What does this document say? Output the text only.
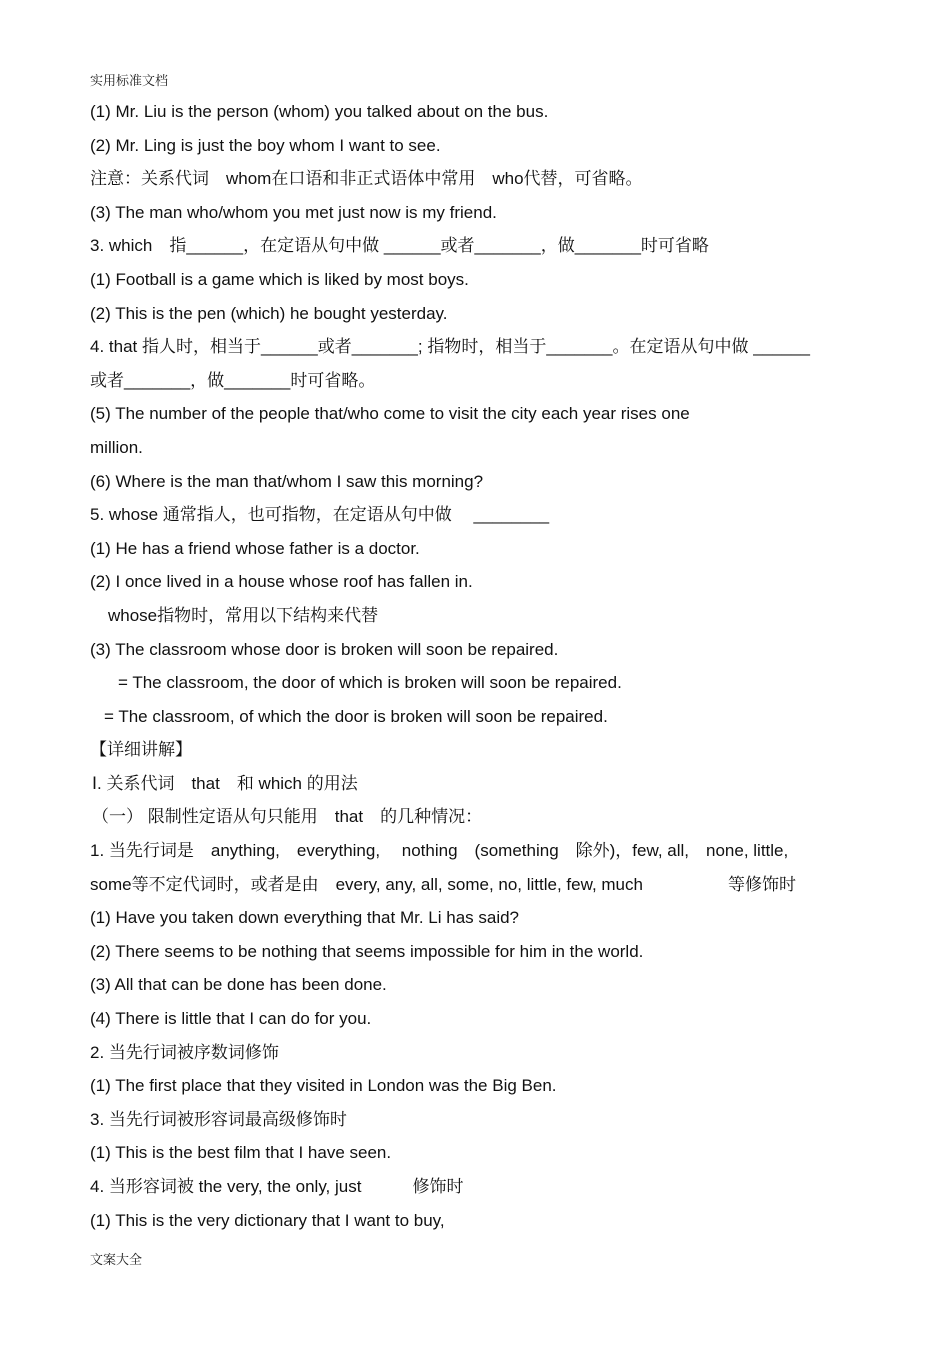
实用标准文档
(1) Mr. Liu is the person (whom) you talked about on the bus.
(2) Mr. Ling is just the boy whom I want to see.
注意：关系代词　whom在口语和非正式语体中常用　who代替，可省略。
(3) The man who/whom you met just now is my friend.
3. which　指______，在定语从句中做 ______或者_______，做_______时可省略
(1) Football is a game which is liked by most boys.
(2) This is the pen (which) he bought yesterday.
4. that 指人时，相当于______或者_______; 指物时，相当于_______。在定语从句中做 ______
或者_______，做_______时可省略。
(5) The number of the people that/who come to visit the city each year rises one
million.
(6) Where is the man that/whom I saw this morning?
5. whose 通常指人，也可指物，在定语从句中做　 ________
(1) He has a friend whose father is a doctor.
(2) I once lived in a house whose roof has fallen in.
whose指物时，常用以下结构来代替
(3) The classroom whose door is broken will soon be repaired.
= The classroom, the door of which is broken will soon be repaired.
= The classroom, of which the door is broken will soon be repaired.
【详细讲解】
Ⅰ. 关系代词　that　和 which 的用法
（一） 限制性定语从句只能用　that　的几种情况：
1. 当先行词是　anything,　everything,　 nothing　(something　除外)，few, all,　none, little,
some等不定代词时，或者是由　every, any, all, some, no, little, few, much　　　　　等修饰时
(1) Have you taken down everything that Mr. Li has said?
(2) There seems to be nothing that seems impossible for him in the world.
(3) All that can be done has been done.
(4) There is little that I can do for you.
2. 当先行词被序数词修饰
(1) The first place that they visited in London was the Big Ben.
3. 当先行词被形容词最高级修饰时
(1) This is the best film that I have seen.
4. 当形容词被 the very, the only, just　　　修饰时
(1) This is the very dictionary that I want to buy,
文案大全
